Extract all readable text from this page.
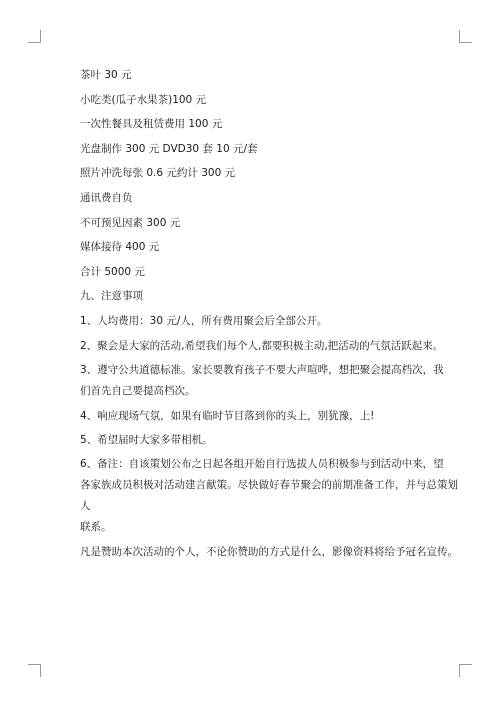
茶叶 30 元
小吃类(瓜子水果茶)100 元
一次性餐具及租赁费用 100 元
光盘制作 300 元 DVD30 套 10 元/套
照片冲洗每张 0.6 元约计 300 元
通讯费自负
不可预见因素 300 元
媒体接待 400 元
合计 5000 元
九、注意事项
1、人均费用：30 元/人，所有费用聚会后全部公开。
2、聚会是大家的活动,希望我们每个人,都要积极主动,把活动的气氛活跃起来。
3、遵守公共道德标准。家长要教育孩子不要大声喧哗，想把聚会提高档次，我
们首先自己要提高档次。
4、响应现场气氛，如果有临时节目落到你的头上，别犹豫，上!
5、希望届时大家多带相机。
6、备注：自该策划公布之日起各组开始自行选拔人员积极参与到活动中来，望
各家族成员积极对活动建言献策。尽快做好春节聚会的前期准备工作，并与总策划人
联系。
凡是赞助本次活动的个人，不论你赞助的方式是什么，影像资料将给予冠名宣传。
